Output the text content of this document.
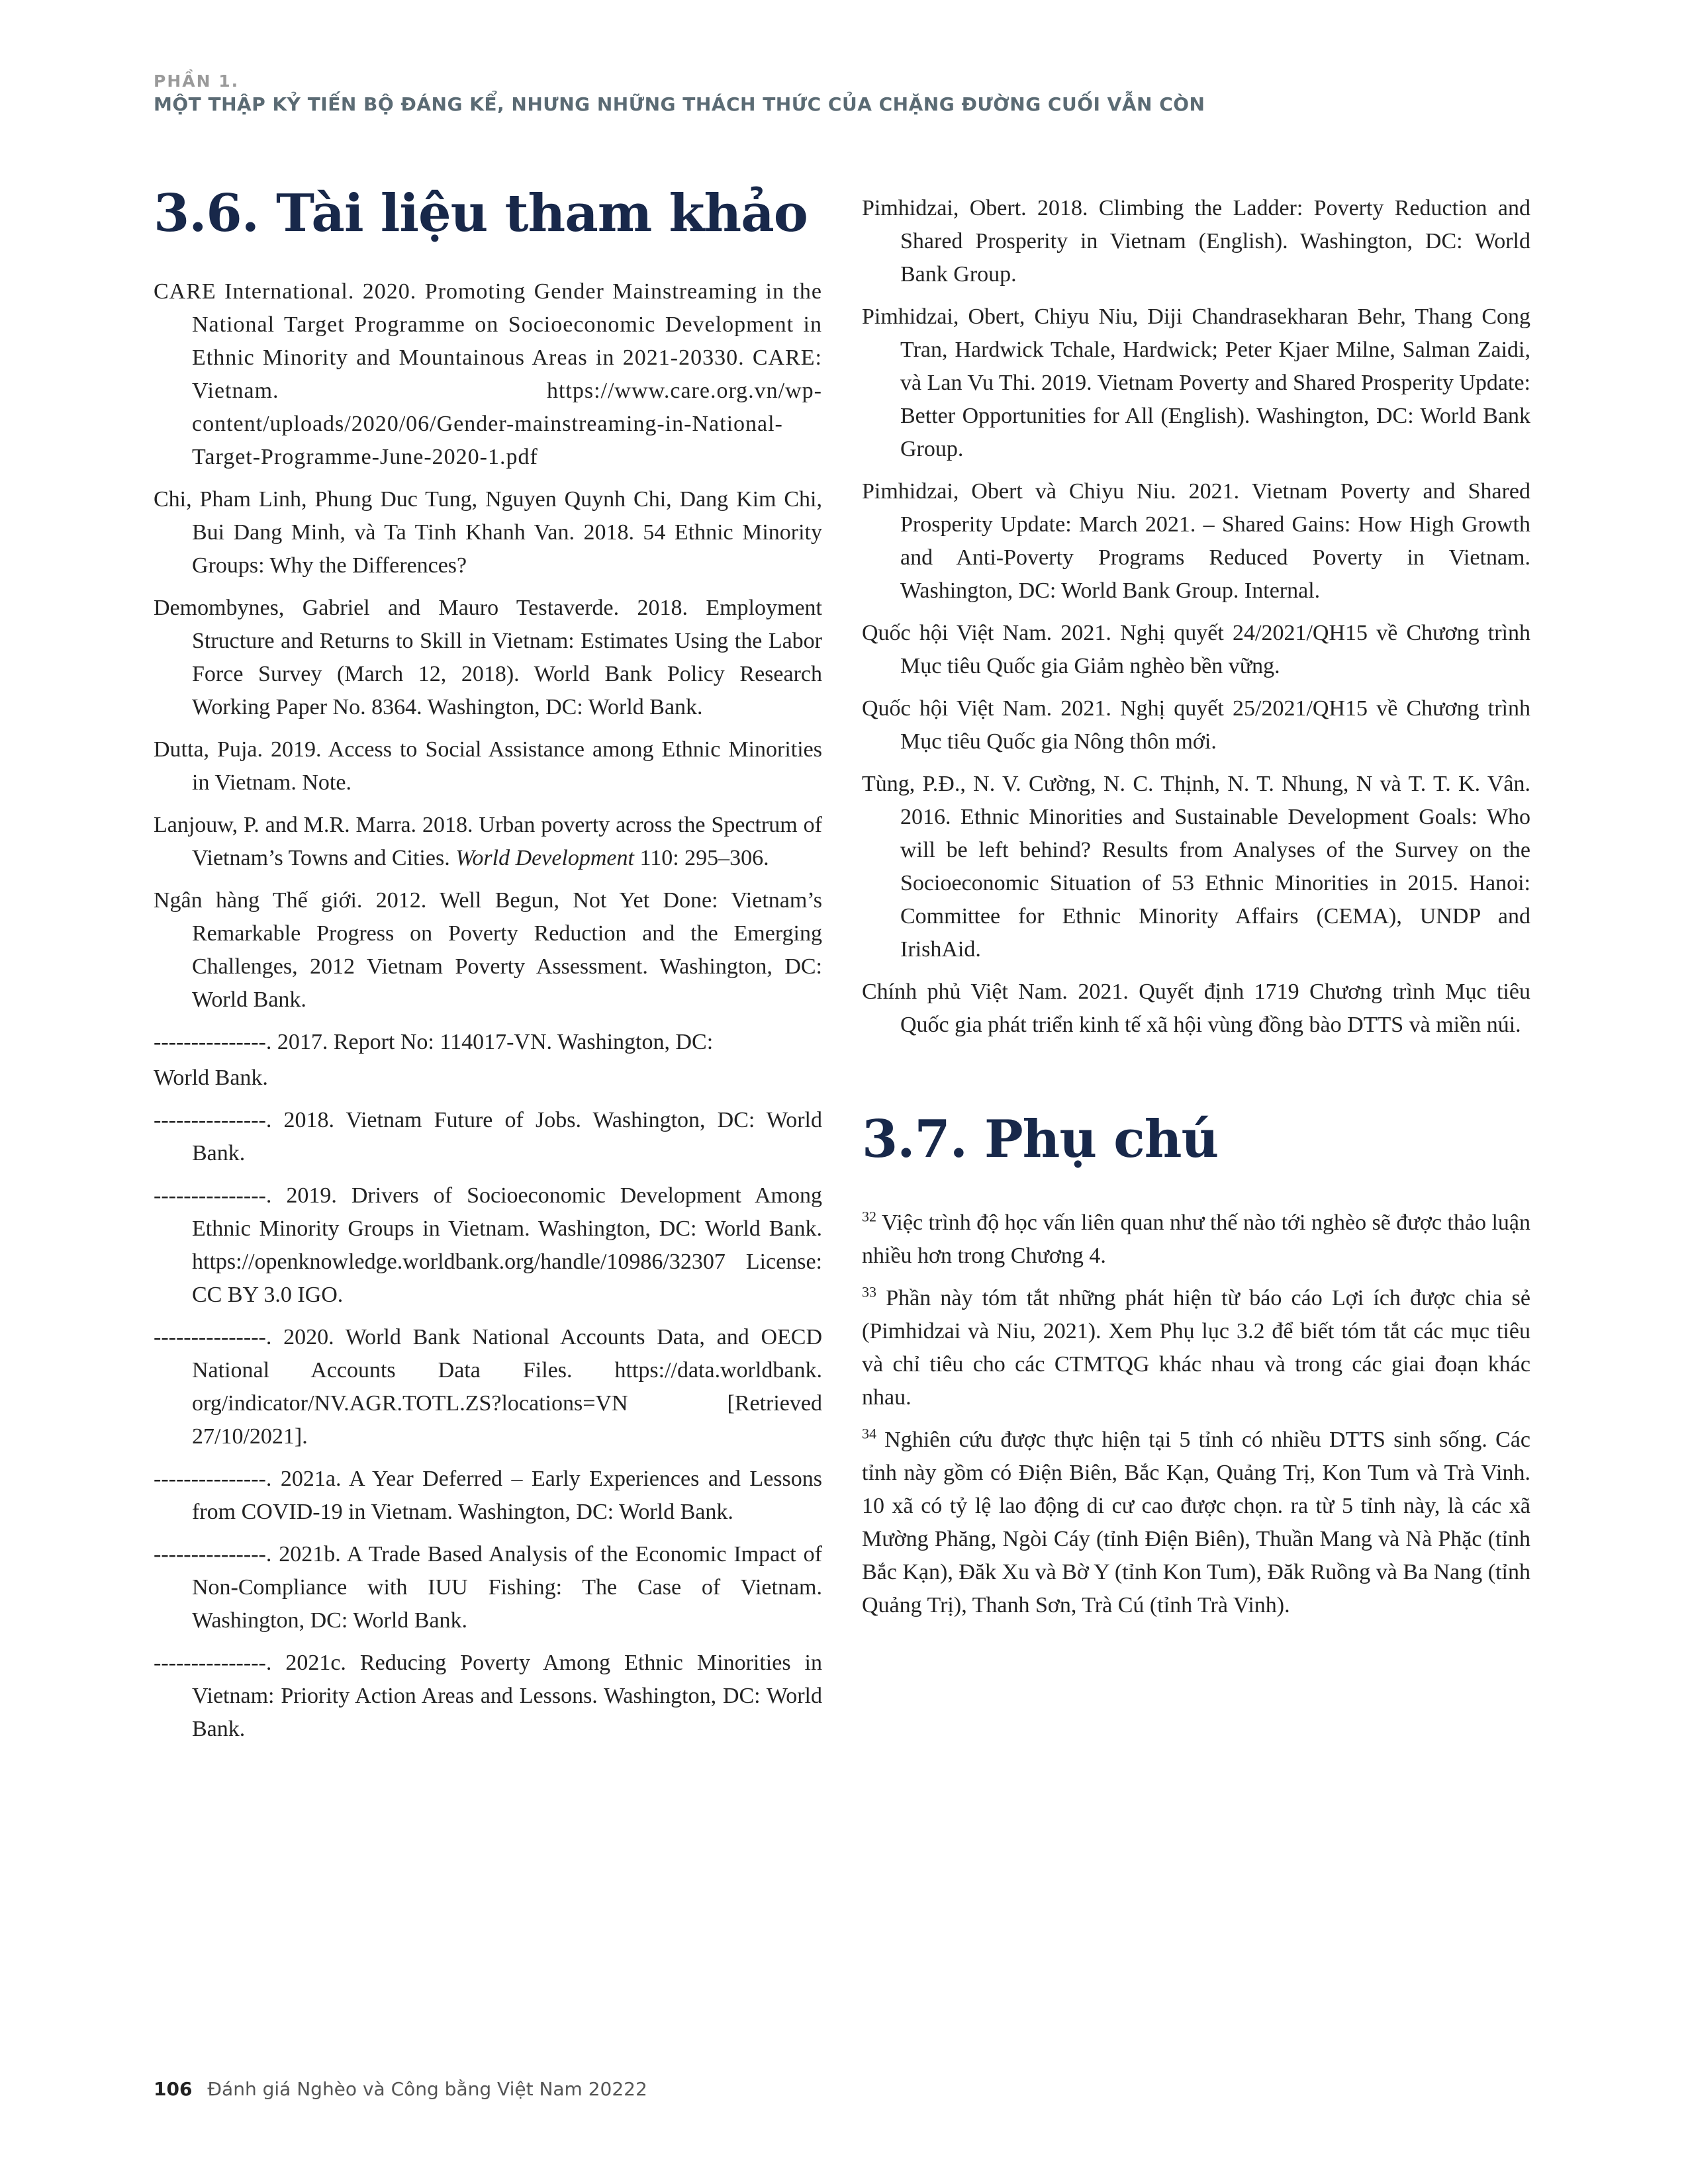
PHẦN 1.
MỘT THẬP KỶ TIẾN BỘ ĐÁNG KỂ, NHƯNG NHỮNG THÁCH THỨC CỦA CHẶNG ĐƯỜNG CUỐI VẪN CÒN
3.6. Tài liệu tham khảo

CARE International. 2020. Promoting Gender Mainstreaming in the National Target Programme on Socioeconomic Development in Ethnic Minority and Mountainous Areas in 2021-20330. CARE: Vietnam. https://www.care.org.vn/wp-content/uploads/2020/06/Gender-mainstreaming-in-National-Target-Programme-June-2020-1.pdf

Chi, Pham Linh, Phung Duc Tung, Nguyen Quynh Chi, Dang Kim Chi, Bui Dang Minh, và Ta Tinh Khanh Van. 2018. 54 Ethnic Minority Groups: Why the Differences?

Demombynes, Gabriel and Mauro Testaverde. 2018. Employment Structure and Returns to Skill in Vietnam: Estimates Using the Labor Force Survey (March 12, 2018). World Bank Policy Research Working Paper No. 8364. Washington, DC: World Bank.

Dutta, Puja. 2019. Access to Social Assistance among Ethnic Minorities in Vietnam. Note.

Lanjouw, P. and M.R. Marra. 2018. Urban poverty across the Spectrum of Vietnam’s Towns and Cities. World Development 110: 295–306.

Ngân hàng Thế giới. 2012. Well Begun, Not Yet Done: Vietnam’s Remarkable Progress on Poverty Reduction and the Emerging Challenges, 2012 Vietnam Poverty Assessment. Washington, DC: World Bank.

---------------. 2017. Report No: 114017-VN. Washington, DC:

World Bank.

---------------. 2018. Vietnam Future of Jobs. Washington, DC: World Bank.

---------------. 2019. Drivers of Socioeconomic Development Among Ethnic Minority Groups in Vietnam. Washington, DC: World Bank. https://openknowledge.worldbank.org/handle/10986/32307 License: CC BY 3.0 IGO.

---------------. 2020. World Bank National Accounts Data, and OECD National Accounts Data Files. https://data.worldbank. org/indicator/NV.AGR.TOTL.ZS?locations=VN [Retrieved 27/10/2021].

---------------. 2021a. A Year Deferred – Early Experiences and Lessons from COVID-19 in Vietnam. Washington, DC: World Bank.

---------------. 2021b. A Trade Based Analysis of the Economic Impact of Non-Compliance with IUU Fishing: The Case of Vietnam. Washington, DC: World Bank.

---------------. 2021c. Reducing Poverty Among Ethnic Minorities in Vietnam: Priority Action Areas and Lessons. Washington, DC: World Bank.

Pimhidzai, Obert. 2018. Climbing the Ladder: Poverty Reduction and Shared Prosperity in Vietnam (English). Washington, DC: World Bank Group.

Pimhidzai, Obert, Chiyu Niu, Diji Chandrasekharan Behr, Thang Cong Tran, Hardwick Tchale, Hardwick; Peter Kjaer Milne, Salman Zaidi, và Lan Vu Thi. 2019. Vietnam Poverty and Shared Prosperity Update: Better Opportunities for All (English). Washington, DC: World Bank Group.

Pimhidzai, Obert và Chiyu Niu. 2021. Vietnam Poverty and Shared Prosperity Update: March 2021. – Shared Gains: How High Growth and Anti-Poverty Programs Reduced Poverty in Vietnam. Washington, DC: World Bank Group. Internal.

Quốc hội Việt Nam. 2021. Nghị quyết 24/2021/QH15 về Chương trình Mục tiêu Quốc gia Giảm nghèo bền vững.

Quốc hội Việt Nam. 2021. Nghị quyết 25/2021/QH15 về Chương trình Mục tiêu Quốc gia Nông thôn mới.

Tùng, P.Đ., N. V. Cường, N. C. Thịnh, N. T. Nhung, N và T. T. K. Vân. 2016. Ethnic Minorities and Sustainable Development Goals: Who will be left behind? Results from Analyses of the Survey on the Socioeconomic Situation of 53 Ethnic Minorities in 2015. Hanoi: Committee for Ethnic Minority Affairs (CEMA), UNDP and IrishAid.

Chính phủ Việt Nam. 2021. Quyết định 1719 Chương trình Mục tiêu Quốc gia phát triển kinh tế xã hội vùng đồng bào DTTS và miền núi.

3.7. Phụ chú

$^{32}$ Việc trình độ học vấn liên quan như thế nào tới nghèo sẽ được thảo luận nhiều hơn trong Chương 4.

$^{33}$ Phần này tóm tắt những phát hiện từ báo cáo Lợi ích được chia sẻ (Pimhidzai và Niu, 2021). Xem Phụ lục 3.2 để biết tóm tắt các mục tiêu và chỉ tiêu cho các CTMTQG khác nhau và trong các giai đoạn khác nhau.

$^{34}$ Nghiên cứu được thực hiện tại 5 tỉnh có nhiều DTTS sinh sống. Các tỉnh này gồm có Điện Biên, Bắc Kạn, Quảng Trị, Kon Tum và Trà Vinh. 10 xã có tỷ lệ lao động di cư cao được chọn. ra từ 5 tỉnh này, là các xã Mường Phăng, Ngòi Cáy (tỉnh Điện Biên), Thuần Mang và Nà Phặc (tỉnh Bắc Kạn), Đăk Xu và Bờ Y (tỉnh Kon Tum), Đăk Ruồng và Ba Nang (tỉnh Quảng Trị), Thanh Sơn, Trà Cú (tỉnh Trà Vinh).

106 Đánh giá Nghèo và Công bằng Việt Nam 20222
